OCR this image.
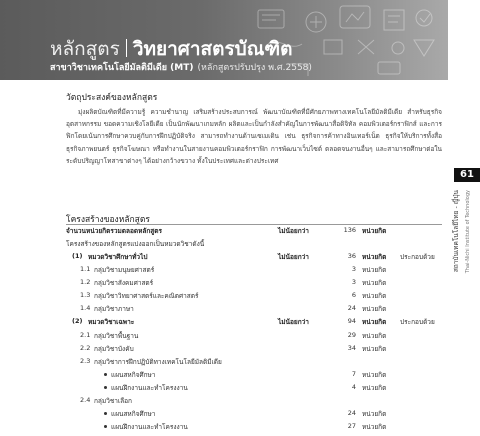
หลักสูตร วิทยาศาสตรบัณฑิต
สาขาวิชาเทคโนโลยีมัลติมีเดีย (MT) (หลักสูตรปรับปรุง พ.ศ.2558)
61
สถาบันเทคโนโลยีไทย - ญี่ปุ่น Thai-Nichi Institute of Technology
วัตถุประสงค์ของหลักสูตร

มุ่งผลิตบัณฑิตที่มีความรู้ ความชำนาญ เสริมสร้างประสบการณ์ พัฒนาบัณฑิตที่มีศักยภาพทางเทคโนโลยีมัลติมีเดีย สำหรับธุรกิจอุตสาหกรรม ขอดความเชิงโลยีเดีย เป็นนักพัฒนาเกมหลัก ผลิตและเป็นกำลังสำคัญในการพัฒนาสื่อดิจิทัล คอมพิวเตอร์กราฟิกส์ และการฟิกโดยเน้นการศึกษาควบคู่กับการฝึกปฏิบัติจริง สามารถทำงานด้านเซเมเดิน เช่น ธุรกิจการค้าทางอินเทอร์เน็ต ธุรกิจให้บริการทั้งสื่อ ธุรกิจภาพยนตร์ ธุรกิจโฆษณา หรือทำงานในสายงานคอมพิวเตอร์กราฟิก การพัฒนาเว็บไซต์ ตลอดจนงานอื่นๆ และสามารถศึกษาต่อในระดับปริญญาโทสาขาต่างๆ ได้อย่างกว้างขวาง ทั้งในประเทศและต่างประเทศ

โครงสร้างของหลักสูตร
จำนวนหน่วยกิตรวมตลอดหลักสูตร	ไม่น้อยกว่า	136 หน่วยกิต
โครงสร้างของหลักสูตรแบ่งออกเป็นหมวดวิชาดังนี้
(1) หมวดวิชาศึกษาทั่วไป	ไม่น้อยกว่า	36 หน่วยกิต ประกอบด้วย
1.1 กลุ่มวิชามนุษยศาสตร์	3 หน่วยกิต
1.2 กลุ่มวิชาสังคมศาสตร์	3 หน่วยกิต
1.3 กลุ่มวิชาวิทยาศาสตร์และคณิตศาสตร์	6 หน่วยกิต
1.4 กลุ่มวิชาภาษา	24 หน่วยกิต
(2) หมวดวิชาเฉพาะ	ไม่น้อยกว่า	94 หน่วยกิต ประกอบด้วย
2.1 กลุ่มวิชาพื้นฐาน	29 หน่วยกิต
2.2 กลุ่มวิชาบังคับ	34 หน่วยกิต
2.3 กลุ่มวิชาการฝึกปฏิบัติทางเทคโนโลยีมัลติมีเดีย
แผนสหกิจศึกษา	7 หน่วยกิต
แผนฝึกงานและทำโครงงาน	4 หน่วยกิต
2.4 กลุ่มวิชาเลือก
แผนสหกิจศึกษา	24 หน่วยกิต
แผนฝึกงานและทำโครงงาน	27 หน่วยกิต
